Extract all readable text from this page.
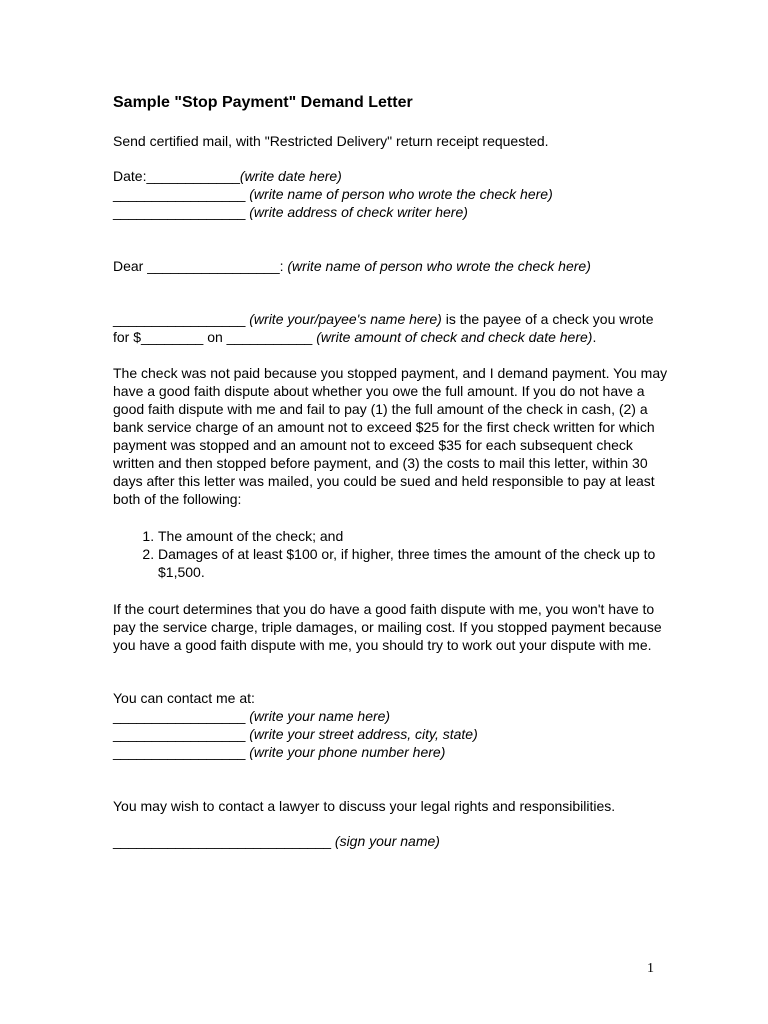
Sample "Stop Payment" Demand Letter

Send certified mail, with "Restricted Delivery" return receipt requested.

Date:____________(write date here)

_________________ (write name of person who wrote the check here)

_________________ (write address of check writer here)

Dear _________________: (write name of person who wrote the check here)

_________________ (write your/payee's name here) is the payee of a check you wrote for $________ on ___________ (write amount of check and check date here).

The check was not paid because you stopped payment, and I demand payment. You may have a good faith dispute about whether you owe the full amount. If you do not have a good faith dispute with me and fail to pay (1) the full amount of the check in cash, (2) a bank service charge of an amount not to exceed $25 for the first check written for which payment was stopped and an amount not to exceed $35 for each subsequent check written and then stopped before payment, and (3) the costs to mail this letter, within 30 days after this letter was mailed, you could be sued and held responsible to pay at least both of the following:

1. The amount of the check; and
2. Damages of at least $100 or, if higher, three times the amount of the check up to $1,500.

If the court determines that you do have a good faith dispute with me, you won't have to pay the service charge, triple damages, or mailing cost. If you stopped payment because you have a good faith dispute with me, you should try to work out your dispute with me.

You can contact me at:

_________________ (write your name here)

_________________ (write your street address, city, state)

_________________ (write your phone number here)

You may wish to contact a lawyer to discuss your legal rights and responsibilities.

____________________________ (sign your name)

1
